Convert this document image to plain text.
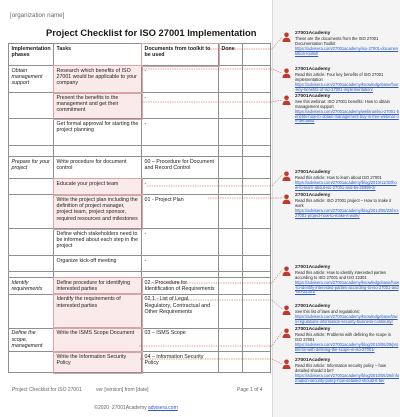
[organization name]
Project Checklist for ISO 27001 Implementation
Implementation phases	Tasks	Documents from toolkit to be used	Done	
Obtain management support	Research which benefits of ISO 27001 would be applicable to your company	-		
	Present the benefits to the management and get their commitment	-		
	Get formal approval for starting the project planning	-		

Prepare for your project	Write procedure for document control	00 – Procedure for Document and Record Control		
	Educate your project team	-		
	Write the project plan including the definition of project manager, project team, project sponsor, required resources and milestones	01 - Project Plan		
	Define which stakeholders need to be informed about each step in the project	-		
	Organize kick-off meeting	-		

Identify requirements	Define procedure for identifying interested parties	02 - Procedure for Identification of Requirements		
	Identify the requirements of interested parties	02.1 - List of Legal, Regulatory, Contractual and Other Requirements		
Define the scope, management	Write the ISMS Scope Document	03 – ISMS Scope		
	Write the Information Security Policy	04 – Information Security Policy		
Project Checklist for ISO 27001	ver [version] from [date]	Page 1 of 4
©2020 27001Academy advisera.com
27001Academy
These are the documents from the ISO 27001 Documentation Toolkit
https://advisera.com/27001academy/iso-27001-documentation-toolkit/
27001Academy
Read this article: Four key benefits of ISO 27001 implementation
https://advisera.com/27001academy/knowledgebase/four-key-benefits-of-iso-27001-implementation/
27001Academy
See this webinar: ISO 27001 benefits: How to obtain management support
https://advisera.com/27001academy/webinar/iso-27001-benefits-how-to-obtain-management-buy-in-free-webinar-on-demand/
27001Academy
Read this article: How to learn about ISO 27001
https://advisera.com/27001academy/blog/2010/11/30/how-to-learn-about-iso-27001-and-bs-25999-2/
27001Academy
Read this article: ISO 27001 project – How to make it work
https://advisera.com/27001academy/blog/2014/06/23/iso-27001-project-how-to-make-it-work/
27001Academy
Read this article: How to identify interested parties according to ISO 27001 and ISO 22301
https://advisera.com/27001academy/knowledgebase/how-to-identify-interested-parties-according-to-iso-27001-and-iso-22301/
27001Academy
See this list of laws and regulations:
https://advisera.com/27001academy/knowledgebase/laws-regulations-information-security-business-continuity/
27001Academy
Read this article: Problems with defining the scope in ISO 27001
https://advisera.com/27001academy/blog/2010/06/29/problems-with-defining-the-scope-in-iso-27001/
27001Academy
Read this article: Information security policy – how detailed should it be?
https://advisera.com/27001academy/blog/2010/05/26/information-security-policy-how-detailed-should-it-be/
